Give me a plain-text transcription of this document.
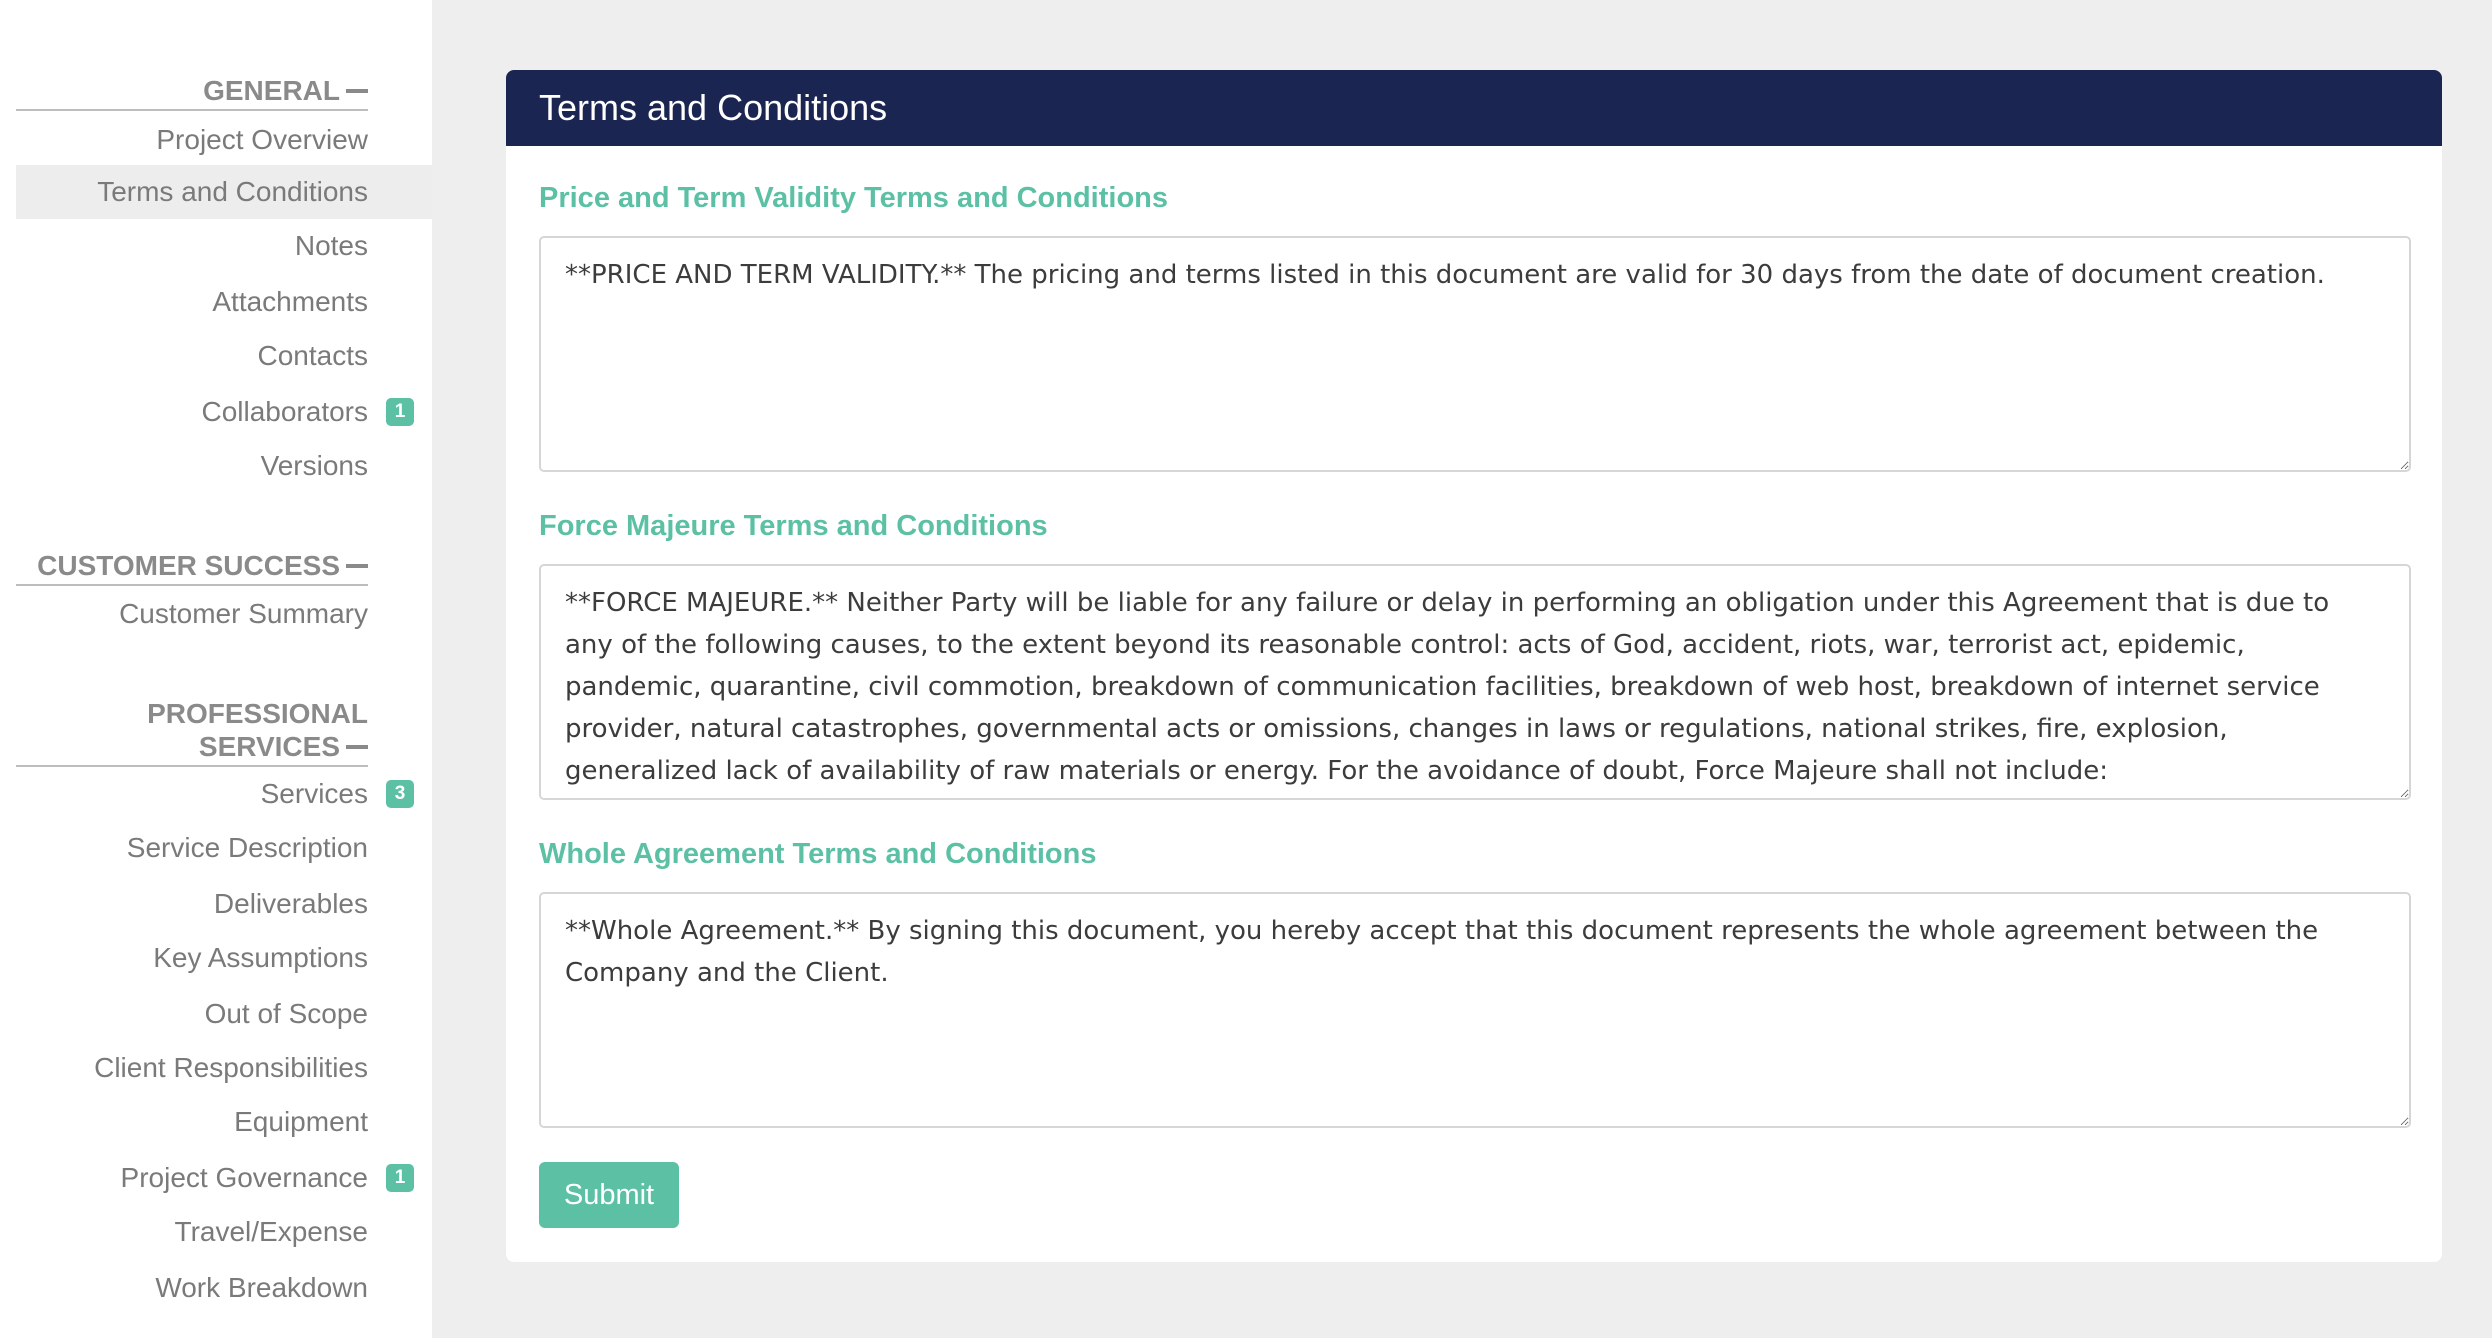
GENERAL
Project Overview
Terms and Conditions
Notes
Attachments
Contacts
Collaborators	1
Versions
CUSTOMER SUCCESS
Customer Summary
PROFESSIONAL
SERVICES
Services	3
Service Description
Deliverables
Key Assumptions
Out of Scope
Client Responsibilities
Equipment
Project Governance	1
Travel/Expense
Work Breakdown
Terms and Conditions
Price and Term Validity Terms and Conditions
**PRICE AND TERM VALIDITY.** The pricing and terms listed in this document are valid for 30 days from the date of document creation.
Force Majeure Terms and Conditions
**FORCE MAJEURE.** Neither Party will be liable for any failure or delay in performing an obligation under this Agreement that is due to any of the following causes, to the extent beyond its reasonable control: acts of God, accident, riots, war, terrorist act, epidemic, pandemic, quarantine, civil commotion, breakdown of communication facilities, breakdown of web host, breakdown of internet service provider, natural catastrophes, governmental acts or omissions, changes in laws or regulations, national strikes, fire, explosion, generalized lack of availability of raw materials or energy. For the avoidance of doubt, Force Majeure shall not include:
Whole Agreement Terms and Conditions
**Whole Agreement.** By signing this document, you hereby accept that this document represents the whole agreement between the Company and the Client.
Submit
